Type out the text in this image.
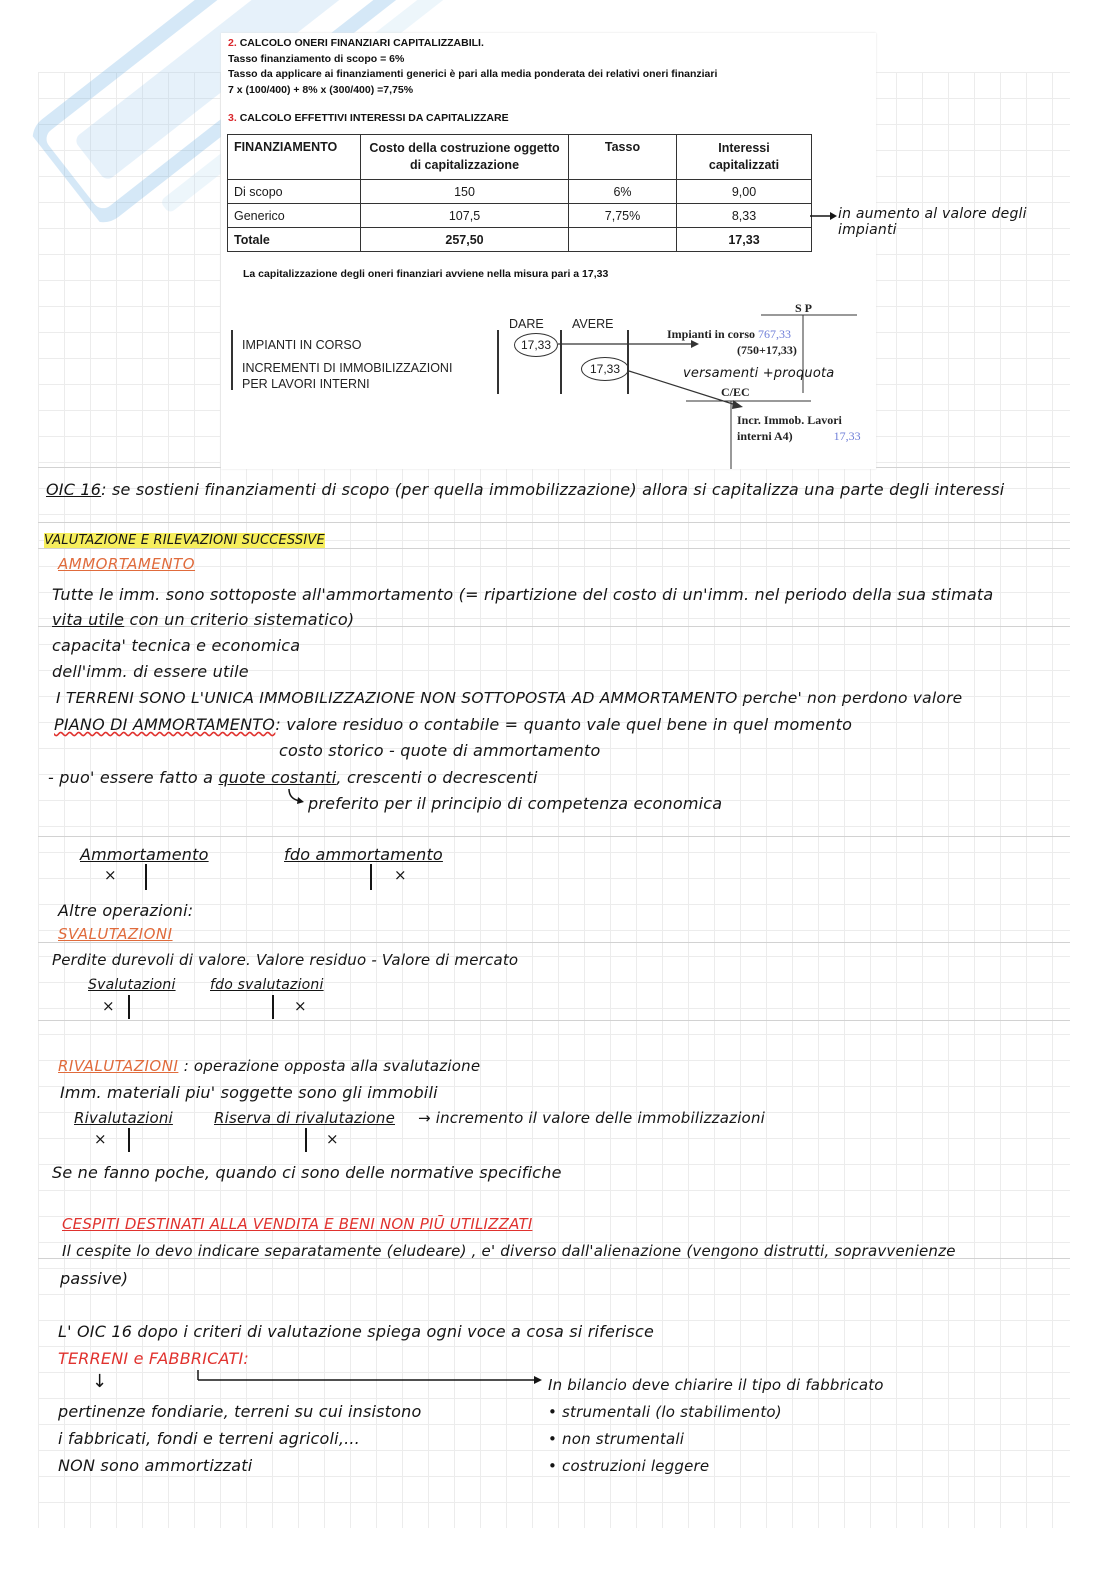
2. CALCOLO ONERI FINANZIARI CAPITALIZZABILI.
Tasso finanziamento di scopo = 6%
Tasso da applicare ai finanziamenti generici è pari alla media ponderata dei relativi oneri finanziari
7 x (100/400) + 8% x (300/400) =7,75%
3. CALCOLO EFFETTIVI INTERESSI DA CAPITALIZZARE
FINANZIAMENTO	Costo della costruzione oggetto di capitalizzazione	Tasso	Interessi capitalizzati
Di scopo	150	6%	9,00
Generico	107,5	7,75%	8,33
Totale	257,50		17,33
La capitalizzazione degli oneri finanziari avviene nella misura pari a 17,33
DARE AVERE
IMPIANTI IN CORSO
INCREMENTI DI IMMOBILIZZAZIONI
PER LAVORI INTERNI
17,33
17,33
S P
Impianti in corso 767,33
(750+17,33)
C/EC
Incr. Immob. Lavori
interni A4)	17,33
versamenti +proquota
in aumento al valore degli
impianti
OIC 16: se sostieni finanziamenti di scopo (per quella immobilizzazione) allora si capitalizza una parte degli interessi
VALUTAZIONE E RILEVAZIONI SUCCESSIVE
AMMORTAMENTO
Tutte le imm. sono sottoposte all'ammortamento (= ripartizione del costo di un'imm. nel periodo della sua stimata
vita utile con un criterio sistematico)
capacita' tecnica e economica
dell'imm. di essere utile
I TERRENI SONO L'UNICA IMMOBILIZZAZIONE NON SOTTOPOSTA AD AMMORTAMENTO perche' non perdono valore
PIANO DI AMMORTAMENTO: valore residuo o contabile = quanto vale quel bene in quel momento
costo storico - quote di ammortamento
- puo' essere fatto a quote costanti, crescenti o decrescenti
preferito per il principio di competenza economica
Ammortamento
×
fdo ammortamento
×
Altre operazioni:
SVALUTAZIONI
Perdite durevoli di valore. Valore residuo - Valore di mercato
Svalutazioni
×
fdo svalutazioni
×
RIVALUTAZIONI : operazione opposta alla svalutazione
Imm. materiali piu' soggette sono gli immobili
Rivalutazioni
×
Riserva di rivalutazione
×
→ incremento il valore delle immobilizzazioni
Se ne fanno poche, quando ci sono delle normative specifiche
CESPITI DESTINATI ALLA VENDITA E BENI NON PIŪ UTILIZZATI
Il cespite lo devo indicare separatamente (eludeare) , e' diverso dall'alienazione (vengono distrutti, sopravvenienze
passive)
L' OIC 16 dopo i criteri di valutazione spiega ogni voce a cosa si riferisce
TERRENI e FABBRICATI:
↓
pertinenze fondiarie, terreni su cui insistono
i fabbricati, fondi e terreni agricoli,...
NON sono ammortizzati
In bilancio deve chiarire il tipo di fabbricato
• strumentali (lo stabilimento)
• non strumentali
• costruzioni leggere
